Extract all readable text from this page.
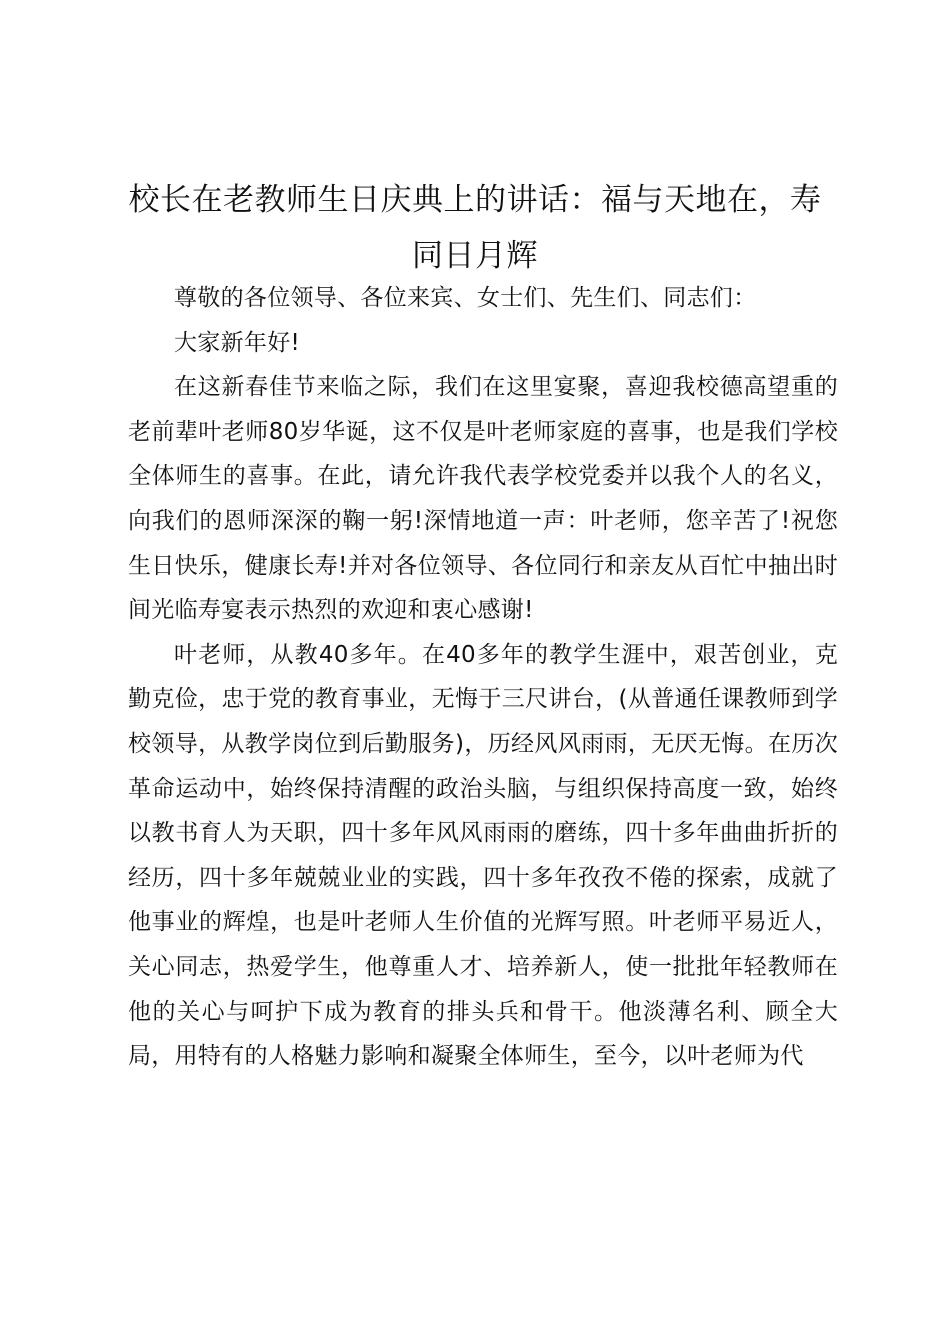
校长在老教师生日庆典上的讲话：福与天地在，寿同日月辉

尊敬的各位领导、各位来宾、女士们、先生们、同志们：

大家新年好!

在这新春佳节来临之际，我们在这里宴聚，喜迎我校德高望重的老前辈叶老师80岁华诞，这不仅是叶老师家庭的喜事，也是我们学校全体师生的喜事。在此，请允许我代表学校党委并以我个人的名义，向我们的恩师深深的鞠一躬!深情地道一声：叶老师，您辛苦了!祝您生日快乐，健康长寿!并对各位领导、各位同行和亲友从百忙中抽出时间光临寿宴表示热烈的欢迎和衷心感谢!

叶老师，从教40多年。在40多年的教学生涯中，艰苦创业，克勤克俭，忠于党的教育事业，无悔于三尺讲台，(从普通任课教师到学校领导，从教学岗位到后勤服务)，历经风风雨雨，无厌无悔。在历次革命运动中，始终保持清醒的政治头脑，与组织保持高度一致，始终以教书育人为天职，四十多年风风雨雨的磨练，四十多年曲曲折折的经历，四十多年兢兢业业的实践，四十多年孜孜不倦的探索，成就了他事业的辉煌，也是叶老师人生价值的光辉写照。叶老师平易近人，关心同志，热爱学生，他尊重人才、培养新人，使一批批年轻教师在他的关心与呵护下成为教育的排头兵和骨干。他淡薄名利、顾全大局，用特有的人格魅力影响和凝聚全体师生，至今，以叶老师为代
